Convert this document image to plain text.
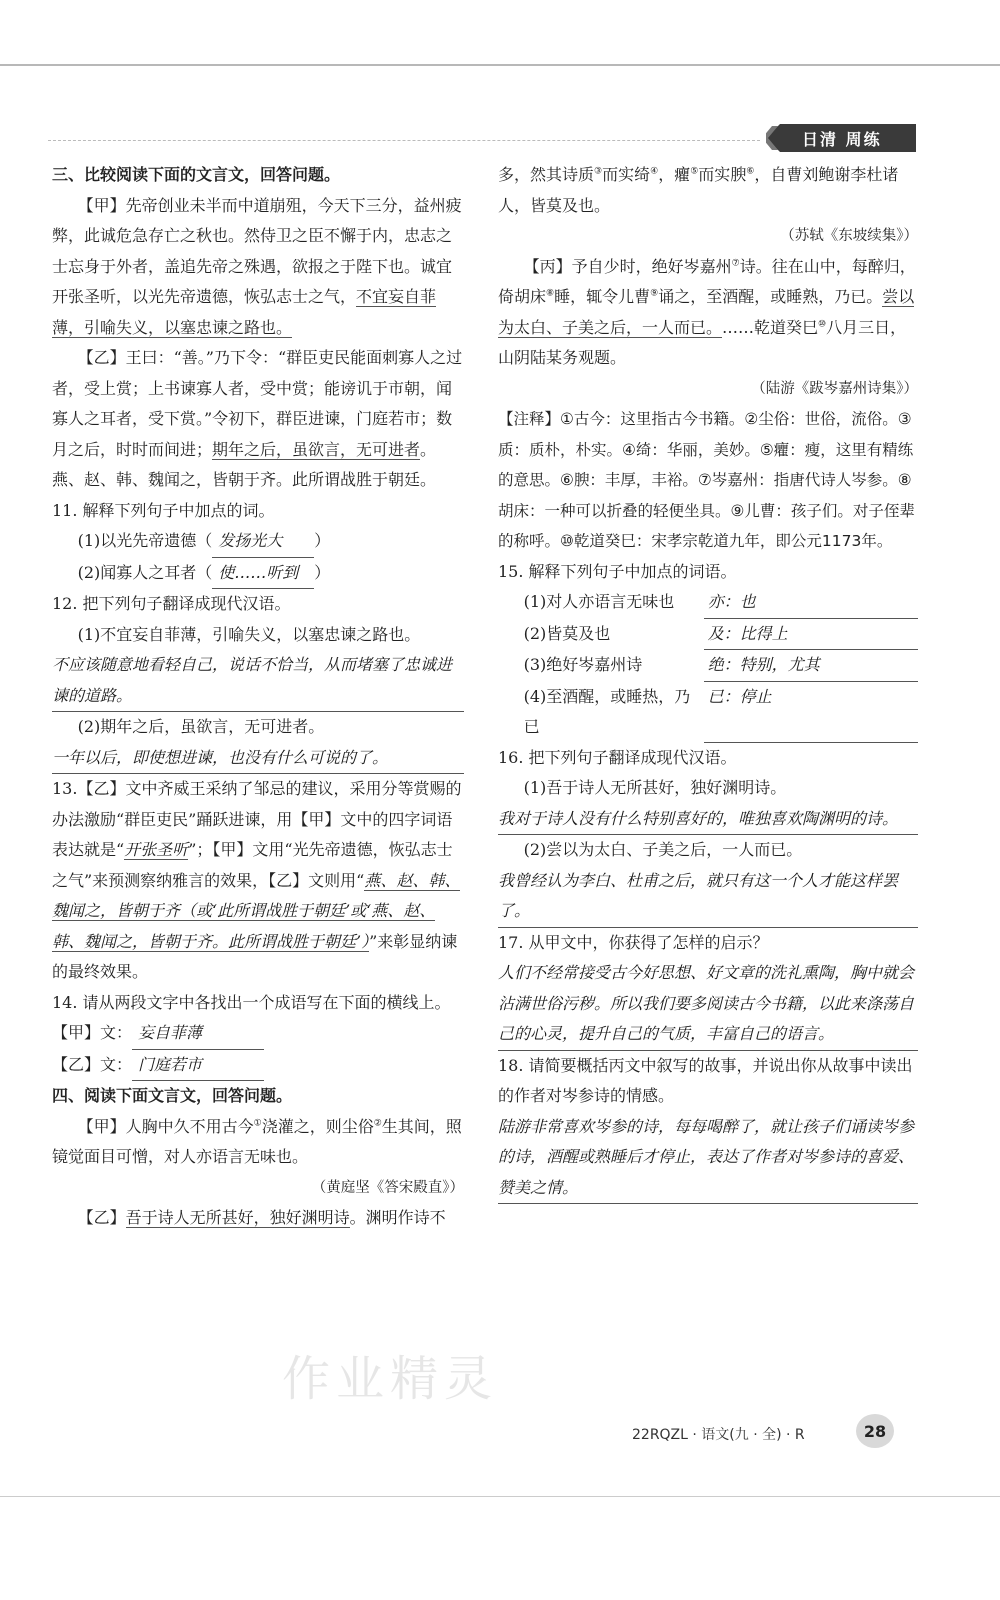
日清 周练

三、比较阅读下面的文言文，回答问题。

【甲】先帝创业未半而中道崩殂，今天下三分，益州疲弊，此诚危急存亡之秋也。然侍卫之臣不懈于内，忠志之士忘身于外者，盖追先帝之殊遇，欲报之于陛下也。诚宜开张圣听，以光先帝遗德，恢弘志士之气，不宜妄自菲薄，引喻失义，以塞忠谏之路也。

【乙】王曰：“善。”乃下令：“群臣吏民能面刺寡人之过者，受上赏；上书谏寡人者，受中赏；能谤讥于市朝，闻寡人之耳者，受下赏。”令初下，群臣进谏，门庭若市；数月之后，时时而间进；期年之后，虽欲言，无可进者。燕、赵、韩、魏闻之，皆朝于齐。此所谓战胜于朝廷。

11. 解释下列句子中加点的词。

(1)以光先帝遗德（ 发扬光大 ）

(2)闻寡人之耳者（ 使……听到 ）

12. 把下列句子翻译成现代汉语。

(1)不宜妄自菲薄，引喻失义，以塞忠谏之路也。

不应该随意地看轻自己，说话不恰当，从而堵塞了忠诚进谏的道路。

(2)期年之后，虽欲言，无可进者。

一年以后，即使想进谏，也没有什么可说的了。

13.【乙】文中齐威王采纳了邹忌的建议，采用分等赏赐的办法激励“群臣吏民”踊跃进谏，用【甲】文中的四字词语表达就是“开张圣听”；【甲】文用“光先帝遗德，恢弘志士之气”来预测察纳雅言的效果，【乙】文则用“燕、赵、韩、魏闻之，皆朝于齐（或‘此所谓战胜于朝廷’或‘燕、赵、韩、魏闻之，皆朝于齐。此所谓战胜于朝廷’）”来彰显纳谏的最终效果。

14. 请从两段文字中各找出一个成语写在下面的横线上。

【甲】文： 妄自菲薄

【乙】文： 门庭若市

四、阅读下面文言文，回答问题。

【甲】人胸中久不用古今①浇灌之，则尘俗②生其间，照镜觉面目可憎，对人亦语言无味也。

（黄庭坚《答宋殿直》）

【乙】吾于诗人无所甚好，独好渊明诗。渊明作诗不

多，然其诗质③而实绮④，癯⑤而实腴⑥，自曹刘鲍谢李杜诸人，皆莫及也。

（苏轼《东坡续集》）

【丙】予自少时，绝好岑嘉州⑦诗。往在山中，每醉归，倚胡床⑧睡，辄令儿曹⑨诵之，至酒醒，或睡熟，乃已。尝以为太白、子美之后，一人而已。……乾道癸巳⑩八月三日，山阴陆某务观题。

（陆游《跋岑嘉州诗集》）

【注释】①古今：这里指古今书籍。②尘俗：世俗，流俗。③质：质朴，朴实。④绮：华丽，美妙。⑤癯：瘦，这里有精练的意思。⑥腴：丰厚，丰裕。⑦岑嘉州：指唐代诗人岑参。⑧胡床：一种可以折叠的轻便坐具。⑨儿曹：孩子们。对子侄辈的称呼。⑩乾道癸巳：宋孝宗乾道九年，即公元1173年。

15. 解释下列句子中加点的词语。

(1)对人亦语言无味也	亦：也
(2)皆莫及也	及：比得上
(3)绝好岑嘉州诗	绝：特别，尤其
(4)至酒醒，或睡热，乃已
已：停止

16. 把下列句子翻译成现代汉语。

(1)吾于诗人无所甚好，独好渊明诗。

我对于诗人没有什么特别喜好的，唯独喜欢陶渊明的诗。

(2)尝以为太白、子美之后，一人而已。

我曾经认为李白、杜甫之后，就只有这一个人才能这样罢了。

17. 从甲文中，你获得了怎样的启示？

人们不经常接受古今好思想、好文章的洗礼熏陶，胸中就会沾满世俗污秽。所以我们要多阅读古今书籍，以此来涤荡自己的心灵，提升自己的气质，丰富自己的语言。

18. 请简要概括丙文中叙写的故事，并说出你从故事中读出的作者对岑参诗的情感。

陆游非常喜欢岑参的诗，每每喝醉了，就让孩子们诵读岑参的诗，酒醒或熟睡后才停止，表达了作者对岑参诗的喜爱、赞美之情。

作业精灵
22RQZL · 语文(九 · 全) · R	28
